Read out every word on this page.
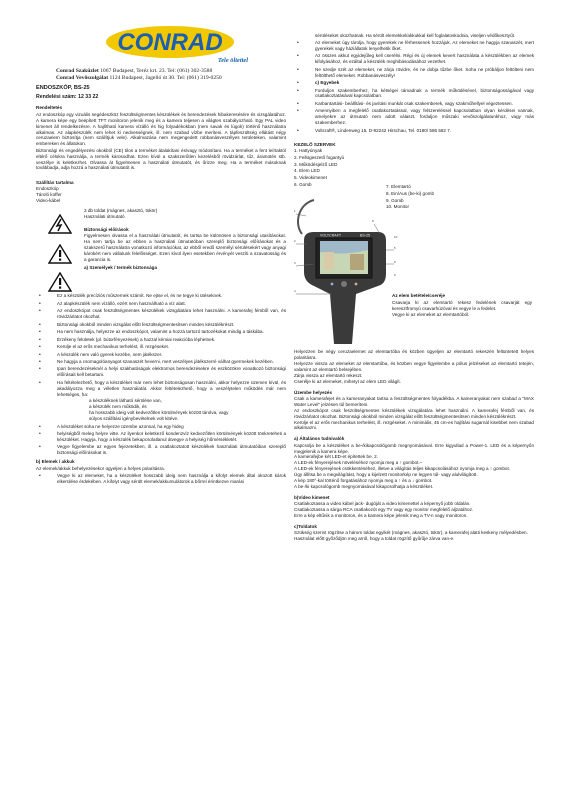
CONRAD
Tele öltettel
Conrad Szaküzlet 1067 Budapest, Teréz krt. 23. Tel: (061) 302-3588
Conrad Vevőszolgálat 1124 Budapest, Jagelló út 30. Tel: (061) 319-0250
ENDOSZKÓP, BS-25
Rendelési szám: 12 33 22
Rendeltetés

Az endoszkóp egy vizuális segédeszköz feszültségmentes készülékek és berendezések hibakeresésére és vizsgálatához. A kamera képe egy beépített TFT monitoron jelenik meg és a kamera teljesen a világtes szabályozható. Egy PAL video kimenet áll rendelkezésre. A hajlítható kamera vízálló és hig folyadékokban (nem savak és lúgok) történő használatra alkalmas. Az alapkészülék nem lehet ki nedvességnek, ill. nem szabad vízbe meríteni. A tápfeszültség ellátást négy ceruzaelem biztosítja (nem szállítjuk vele). Alkalmazása nem megengedett robbanásveszélyes területeken, valamint embereken és állatokon.

Biztonsági és engedélyezési okokból (CE) tilos a terméket átalakítani és/vagy módosítani. Ha a terméket a fent leírtaktól eltérő célokra használja, a termék károsodhat. Ezen kívül a szakszerűtlen kezelésből rövidzárlat, tűz, áramütés stb. veszélye is keletkezhet. Olvassa át figyelmesen a használati útmutatót, és őrizze meg. Ha a terméket másoknak továbbadja, adja hozzá a használati útmutatót is.

Szállítás tartalma
Endoszkóp
Tároló koffer
Video-kábel
3 db toldat (mágnes, akasztó, tükör)
Használati útmutató
Biztonsági előírások

Figyelmesen olvassa el a használati útmutatót, és tartsa be különösen a biztonsági utasításokat. Ha nem tartja be az ebben a használati útmutatóban szereplő biztonsági előírásokat és a szakszerű használatra vonatkozó információkat, az ebből eredő személyi sérülésekért vagy anyagi károkért nem vállalunk felelősséget. Ezen kívül ilyen esetekben érvényét veszíti a szavatosság és a garancia is.

a) Személyek / termék biztonsága
• Ez a készülék precíziós műszernek számít. Ne ejtse el, és ne tegye ki ütéseknek.
• Az alapkészülék nem vízálló, ezért nem használható a víz alatt.
• Az endoszkópot csak feszültségmentes készülékek vizsgálatára lehet használni. A kamerafej fémből van, és rövidzárlatot okozhat.
• Biztonsági okokból minden vizsgálat előtt feszültségmentesítsen minden készülékrészt.
• Ha nem használja, helyezze az endoszkópot, valamint a hozzá tartozó tartozékokat mindig a táskába.
• Érzékeny felületek (pl. bútorfényezések) a hazzal kémiai reakcióba léphetnek.
• Kerülje el az erős mechanikus terhelést, ill. rezgéseket.
• A készülék nem való gyerek kezébe, nem játékszer.
• Ne hagyja a csomagolóanyagot szanaszét heverni, mert veszélyes játékszerré válhat gyermekek kezében.
• Ipari berendezéseknél a helyi szakhatóságok elektromos berendezésekre és eszközökre vonatkozó biztonsági előírásait kell betartani.
• Ha feltételezhető, hogy a készüléket már nem lehet biztonságosan használni, akkor helyezze üzemen kívül, és akadályozza meg a véletlen használatát. Akkor feltételezhető, hogy a veszélytelen működés már nem lehetséges, ha:
a készüléknek látható sérülése van,
a készülék nem működik, és
ha hosszabb ideig volt kedvezőtlen körülmények között tárolva, vagy
súlyos szállítási igénybevételnek volt kitéve.
• A készüléket soha ne helyezze üzembe azonnal, ha egy hideg
• helyiségből meleg helyre vitte. Az ilyenkor keletkező kondenzvíz kedvezőtlen körülmények között tönkreteheti a készüléket. Hagyja, hogy a készülék bekapcsolatlanul átvegye a helyiség hőmérsékletét.
• Vegye figyelembe az egyes fejezetekben, ill. a csatlakoztatott készülékek használati útmutatóiban szereplő biztonsági előírásokat is.
b) Elemek / akkuk

Az elemek/akkuk behelyezésekor ügyeljen a helyes polaritásra.

• Vegye ki az elemeket, ha a készüléket hosszabb ideig nem használja a kifolyt elemek által okozott károk elkerülése érdekében. A kifolyt vagy sérült elemek/akkumulátorok a bőrrel érintkezve marási

sérüléseket okozhatnak. Ha sérült elemekkel/akkukkal kell foglalatoskodnia, viseljen védőkesztyűt.

• Az elemeket úgy tárolja, hogy gyerekek ne férhessenek hozzájuk. Az elemeket ne hagyja szanaszét, mert gyerekek vagy háziállatok lenyelhetik őket.
• Az összes akkut egyidejűleg kell cserélni. Régi és új elemek kevert használata a készülékben az elemek kifolyásához, és ezáltal a készülék meghibásodásához vezethet.
• Ne szedje szét az elemeket, ne zárja rövidre, és ne dobja tűzbe őket. Soha ne próbáljon feltölteni nem feltölthető elemeket. Robbanásveszély!
• c) Egyebek
• Forduljon szakemberhez, ha kétségei támadnak a termék működésével, biztonságosságával vagy csatlakoztatásával kapcsolatban.
• Karbantartási- beállítási- és javítási munkát csak szakemberek, vagy szakműhellyel végeztessen.
• Amennyiben a megfelelő csatlakoztatással, vagy felszereléssel kapcsolatban olyan kérdései vannak, amelyekre az útmutató nem adott választ, forduljon műszaki vevőszolgálatunkhoz, vagy más szakemberhez.
• Voltcraft®, Lindenweg 15, D-92242 Hirschau, Tel. 0180/ 586 582 7.
KEZELŐ SZERVEK
1. Hattyúnyak
2. Fellügeszető fogantyú
3. Működésjelző LED
4. Elem LED
5. Videokimenet
6. Gomb
VOLTCRAFT	BS-25
1
2
3
4
5
6
8
9
10
7. Elemtartó
8. Ein/Aus (be-ki) gomb
9. Gomb
10. Monitor
Az elem betétele/cseréje

Csavarja ki az elemtartó rekesz fedelének csavarját egy keresztfromyú csavarhúzóval és vegye le a fedelet.

Vegye ki az elemeket az elemtartóból.

Helyezzen be négy ceruzaelemet az elemtartóba és közben ügyeljen az elemtartó rekeszén feltüntetett helyes polaritásra.
Helyezze vissza az elemeket az elemtartóba, és közben vegye figyelembe a pólus jelzéseket az elemtartó tetején, valamint az elemtartó belsejében.
Zárja vissza az elemtartó rekeszt.
Cserélje ki az elemeket, miheIyt az elem LED világít.

Üzembe helyezés

Csak a kamerafejet és a kameranyakat tartsa a feszültségmentes folyadékba. A kameranyakat nem szabad a "MAX Water Level" jelzésen túl bemeríteni.
Az endoszkópot csak feszültségmentes készülékek vizsgálatára lehet használni. A kamerafej fémből van, és rövidzárlatot okozhat. Biztonsági okokból minden vizsgálat előtt feszültségmentesítsen minden készülékrészt.
Kerülje el az erős mechanikus terhelést, ill. rezgéseket. A minimális, 45 cm-es hajlítási sugarnál kisebbet nem szabad alkalmazni.

a) Általános tudnivalók

Kapcsolja be a készüléket a be-/kikapcsológomb megnyomásával. Erre kigyullad a Power-1. LED és a képernyőn megjelenik a kamera képe.
A kamerafejbe két LED-et építettek be. 2.
A LED-ek fényerejének növeléséhez nyomja meg a ↑ gombot.–
A LED-ek fényerejének csökkentéséhez, illetve a világítás teljes kikapcsolásához nyomja meg a ↑ gombot.
Úgy állítsa be a megvilágítást, hogy a kijelzett monitorkép ne legyen túl- vagy alulvilágított.
A kép 180°-kal történő forgatásához nyomja meg a ↑ és a ↓ gombot.
A be-/ki kapcsológomb megnyomásával kikapcsolhatja a készüléket.

b)Video kimenet

Csatlakoztassa a video kábel jack- dugóját a video kimenettel a képernyő jobb oldalán.
Csatlakoztassa a sárga RCA csatlakozót egy TV vagy egy monitor megfelelő aljzatához.
Erre a kép eltűnik a monitoron, és a kamera képe jelenik meg a TV-n vagy monitoron.

c)Toldatok

Szükség szerint rögzítse a három toldat egyikét (mágnes, akasztó, tükör), a kamerafej alatti keskeny mélyedésben.
Használat előtt győződjön meg arról, hogy a toldat rögzítő gyűrűje zárva van-e.
